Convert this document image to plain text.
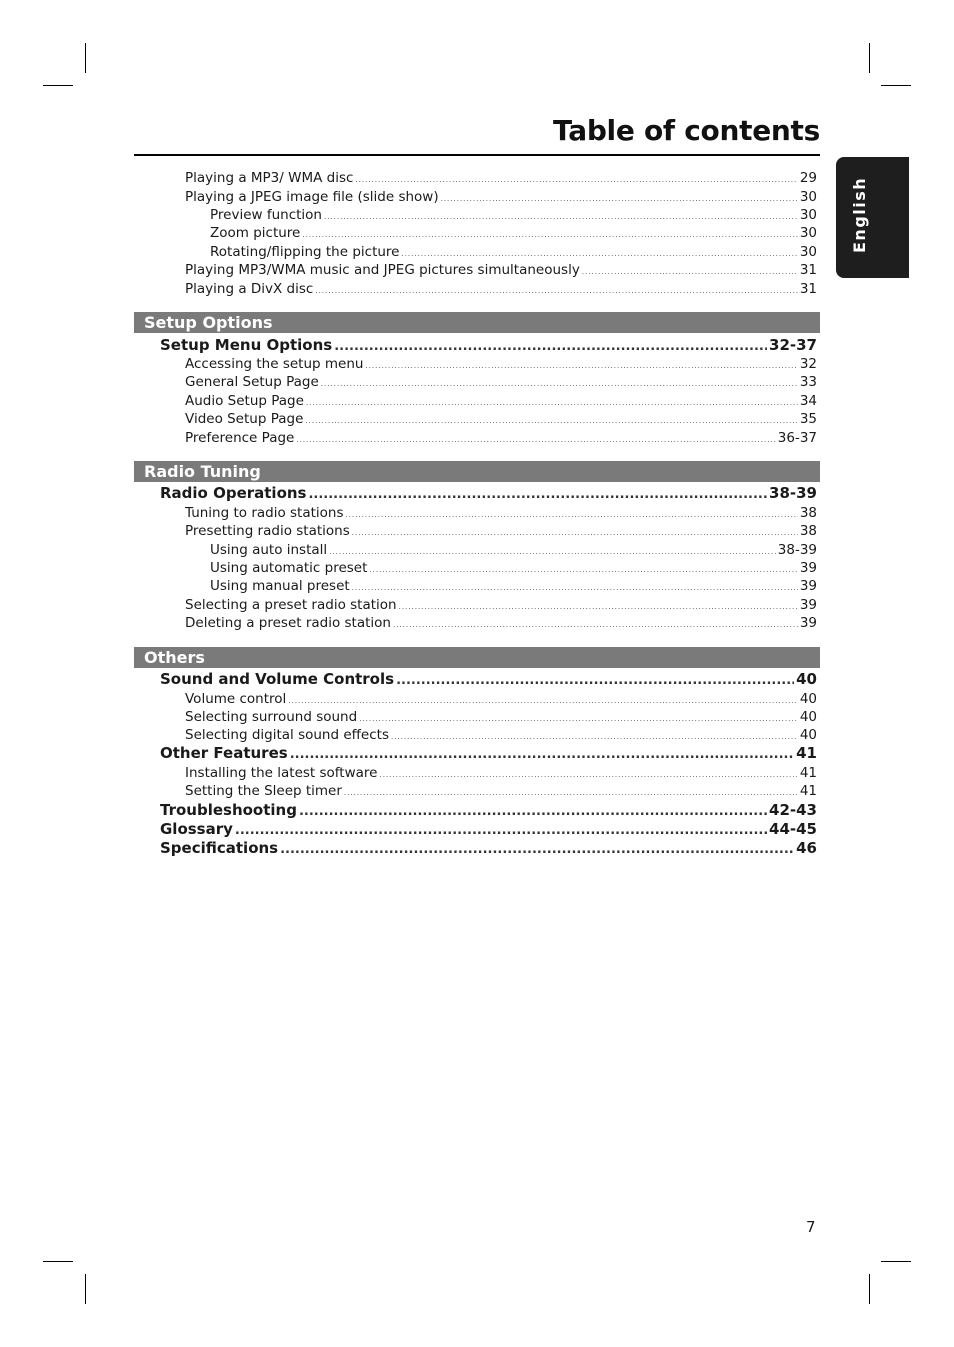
Table of contents
English
Playing a MP3/ WMA disc .....	29
Playing a JPEG image file (slide show) .....	30
Preview function .....	30
Zoom picture .....	30
Rotating/flipping the picture .....	30
Playing MP3/WMA music and JPEG pictures simultaneously .....	31
Playing a DivX disc .....	31
Setup Options
Setup Menu Options .....	32-37
Accessing the setup menu .....	32
General Setup Page .....	33
Audio Setup Page .....	34
Video Setup Page .....	35
Preference Page .....	36-37
Radio Tuning
Radio Operations .....	38-39
Tuning to radio stations .....	38
Presetting radio stations .....	38
Using auto install .....	38-39
Using automatic preset .....	39
Using manual preset .....	39
Selecting a preset radio station .....	39
Deleting a preset radio station .....	39
Others
Sound and Volume Controls .....	40
Volume control .....	40
Selecting surround sound .....	40
Selecting digital sound effects .....	40
Other Features .....	41
Installing the latest software .....	41
Setting the Sleep timer .....	41
Troubleshooting .....	42-43
Glossary .....	44-45
Specifications .....	46
7
